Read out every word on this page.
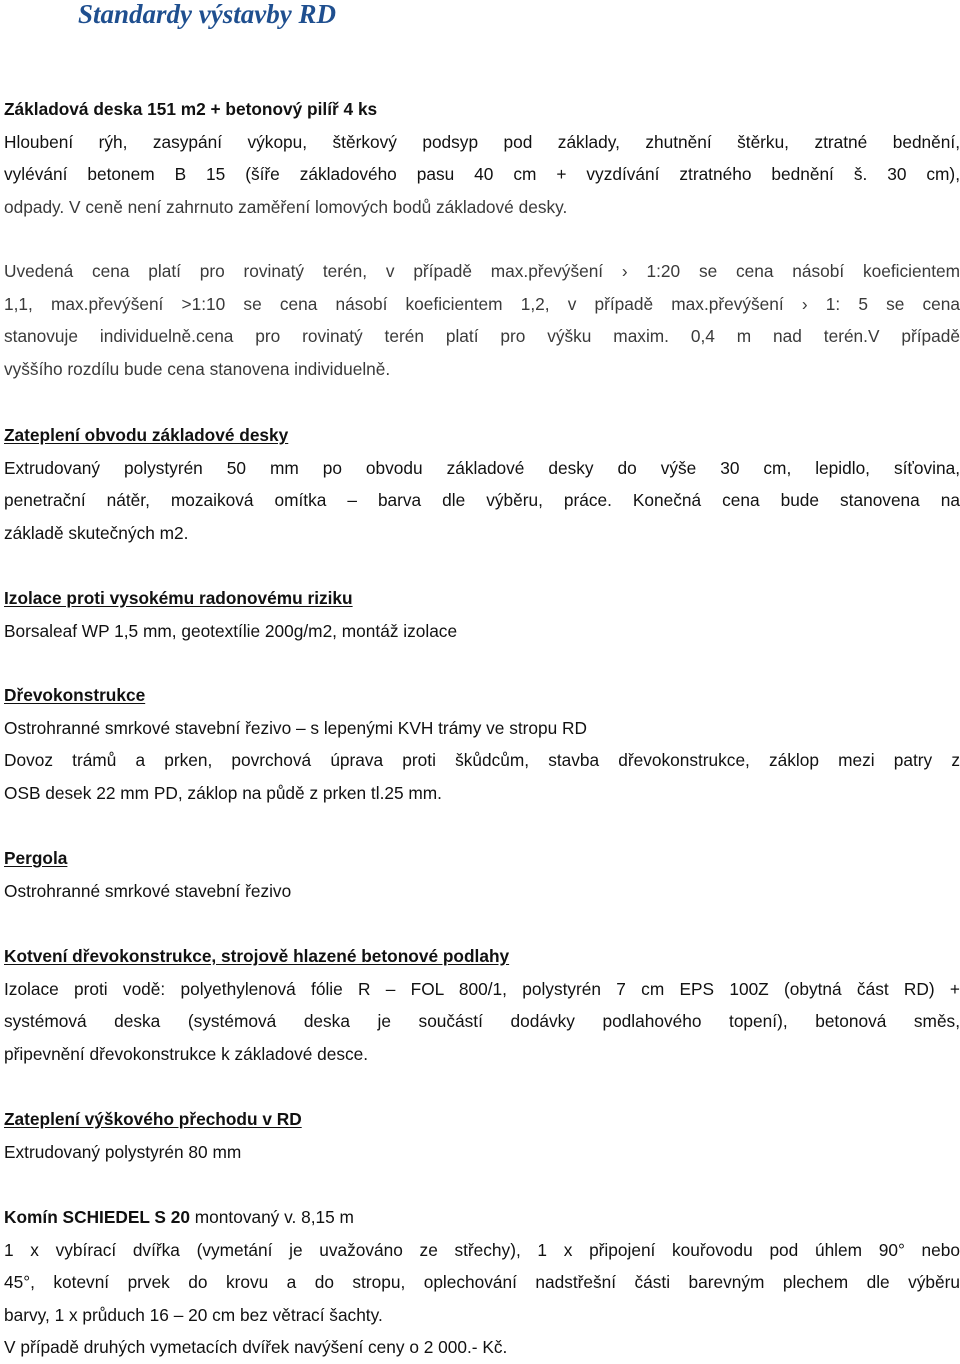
Standardy výstavby RD
Základová deska 151 m2 + betonový pilíř 4 ks
Hloubení rýh, zasypání výkopu, štěrkový podsyp pod základy, zhutnění štěrku, ztratné bednění,
vylévání betonem B 15 (šíře základového pasu 40 cm + vyzdívání ztratného bednění š. 30 cm),
odpady. V ceně není zahrnuto zaměření lomových bodů základové desky.
Uvedená cena platí pro rovinatý terén, v případě max.převýšení › 1:20 se cena násobí koeficientem
1,1, max.převýšení >1:10 se cena násobí koeficientem 1,2, v případě max.převýšení › 1: 5 se cena
stanovuje individuelně.cena pro rovinatý terén platí pro výšku maxim. 0,4 m nad terén.V případě
vyššího rozdílu bude cena stanovena individuelně.
Zateplení obvodu základové desky
Extrudovaný polystyrén 50 mm po obvodu základové desky do výše 30 cm, lepidlo, síťovina,
penetrační nátěr, mozaiková omítka – barva dle výběru, práce. Konečná cena bude stanovena na
základě skutečných m2.
Izolace proti vysokému radonovému riziku
Borsaleaf WP 1,5 mm, geotextílie 200g/m2, montáž izolace
Dřevokonstrukce
Ostrohranné smrkové stavební řezivo – s lepenými KVH trámy ve stropu RD
Dovoz trámů a prken, povrchová úprava proti škůdcům, stavba dřevokonstrukce, záklop mezi patry z
OSB desek 22 mm PD, záklop na půdě z prken tl.25 mm.
Pergola
Ostrohranné smrkové stavební řezivo
Kotvení dřevokonstrukce, strojově hlazené betonové podlahy
Izolace proti vodě: polyethylenová fólie R – FOL 800/1, polystyrén 7 cm EPS 100Z (obytná část RD) +
systémová deska (systémová deska je součástí dodávky podlahového topení), betonová směs,
připevnění dřevokonstrukce k základové desce.
Zateplení výškového přechodu v RD
Extrudovaný polystyrén 80 mm
Komín SCHIEDEL S 20 montovaný v. 8,15 m
1 x vybírací dvířka (vymetání je uvažováno ze střechy), 1 x připojení kouřovodu pod úhlem 90° nebo
45°, kotevní prvek do krovu a do stropu, oplechování nadstřešní části barevným plechem dle výběru
barvy, 1 x průduch 16 – 20 cm bez větrací šachty.
V případě druhých vymetacích dvířek navýšení ceny o 2 000.- Kč.
